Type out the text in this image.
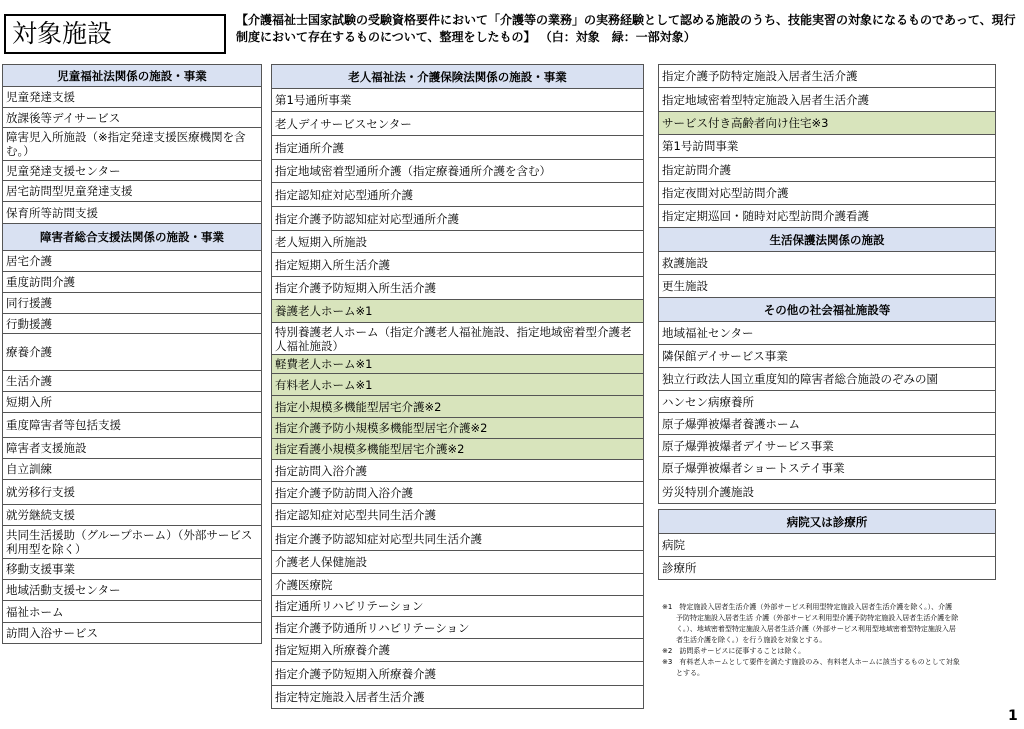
対象施設	【介護福祉士国家試験の受験資格要件において「介護等の業務」の実務経験として認める施設のうち、技能実習の対象になるものであって、現行制度において存在するものについて、整理をしたもの】 （白：対象　緑：一部対象）
児童福祉法関係の施設・事業
児童発達支援
放課後等デイサービス
障害児入所施設（※指定発達支援医療機関を含む。）
児童発達支援センター
居宅訪問型児童発達支援
保育所等訪問支援
障害者総合支援法関係の施設・事業
居宅介護
重度訪問介護
同行援護
行動援護
療養介護
生活介護
短期入所
重度障害者等包括支援
障害者支援施設
自立訓練
就労移行支援
就労継続支援
共同生活援助（グループホーム）（外部サービス利用型を除く）
移動支援事業
地域活動支援センター
福祉ホーム
訪問入浴サービス
老人福祉法・介護保険法関係の施設・事業
第1号通所事業
老人デイサービスセンター
指定通所介護
指定地域密着型通所介護（指定療養通所介護を含む）
指定認知症対応型通所介護
指定介護予防認知症対応型通所介護
老人短期入所施設
指定短期入所生活介護
指定介護予防短期入所生活介護
養護老人ホーム※1
特別養護老人ホーム（指定介護老人福祉施設、指定地域密着型介護老人福祉施設）
軽費老人ホーム※1
有料老人ホーム※1
指定小規模多機能型居宅介護※2
指定介護予防小規模多機能型居宅介護※2
指定看護小規模多機能型居宅介護※2
指定訪問入浴介護
指定介護予防訪問入浴介護
指定認知症対応型共同生活介護
指定介護予防認知症対応型共同生活介護
介護老人保健施設
介護医療院
指定通所リハビリテーション
指定介護予防通所リハビリテーション
指定短期入所療養介護
指定介護予防短期入所療養介護
指定特定施設入居者生活介護
指定介護予防特定施設入居者生活介護
指定地域密着型特定施設入居者生活介護
サービス付き高齢者向け住宅※3
第1号訪問事業
指定訪問介護
指定夜間対応型訪問介護
指定定期巡回・随時対応型訪問介護看護
生活保護法関係の施設
救護施設
更生施設
その他の社会福祉施設等
地域福祉センター
隣保館デイサービス事業
独立行政法人国立重度知的障害者総合施設のぞみの園
ハンセン病療養所
原子爆弾被爆者養護ホーム
原子爆弾被爆者デイサービス事業
原子爆弾被爆者ショートステイ事業
労災特別介護施設

病院又は診療所
病院
診療所
※1　特定施設入居者生活介護（外部サービス利用型特定施設入居者生活介護を除く。）、介護
　　予防特定施設入居者生活 介護（外部サービス利用型介護予防特定施設入居者生活介護を除
　　く。）、地域密着型特定施設入居者生活介護（外部サービス利用型地域密着型特定施設入居
　　者生活介護を除く。）を行う施設を対象とする。
※2　訪問系サービスに従事することは除く。
※3　有料老人ホームとして要件を満たす施設のみ、有料老人ホームに該当するものとして対象
　　とする。
1
